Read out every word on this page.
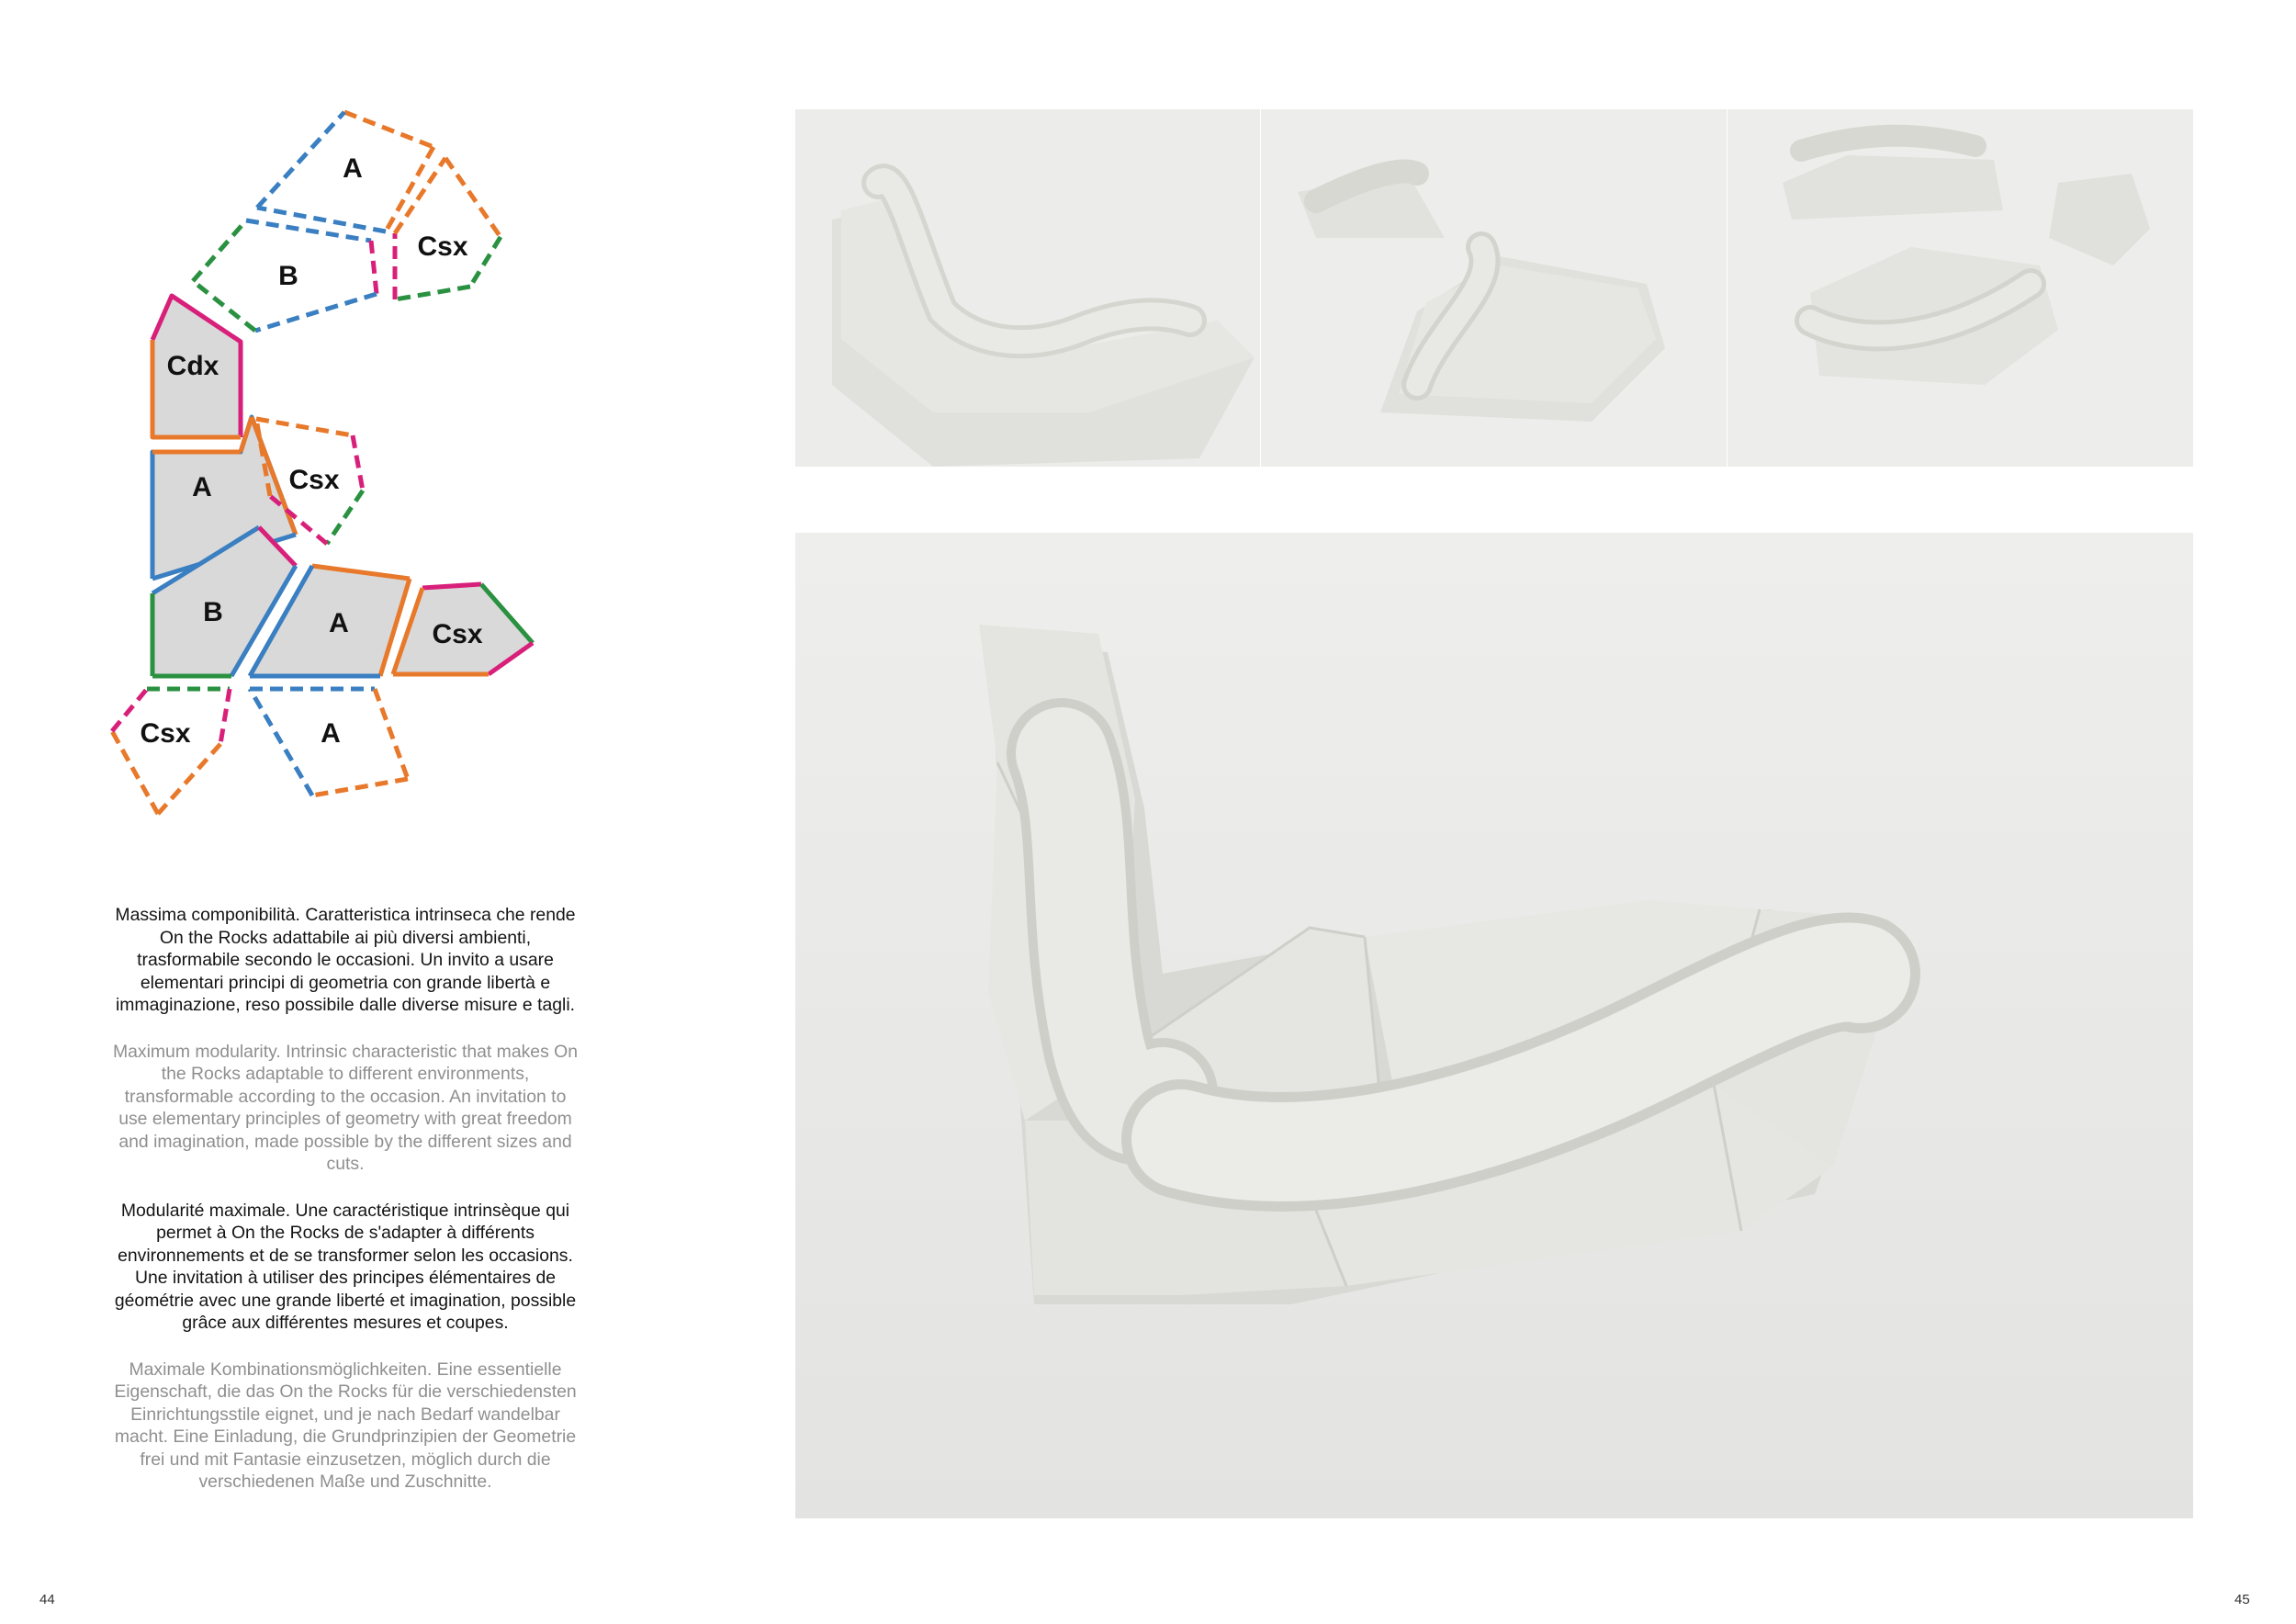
A
Csx
B
Cdx
A	Csx
B	A	Csx
Csx	A

Massima componibilità. Caratteristica intrinseca che rende On the Rocks adattabile ai più diversi ambienti, trasformabile secondo le occasioni. Un invito a usare elementari principi di geometria con grande libertà e immaginazione, reso possibile dalle diverse misure e tagli.

Maximum modularity. Intrinsic characteristic that makes On the Rocks adaptable to different environments, transformable according to the occasion. An invitation to use elementary principles of geometry with great freedom and imagination, made possible by the different sizes and cuts.

Modularité maximale. Une caractéristique intrinsèque qui permet à On the Rocks de s'adapter à différents environnements et de se transformer selon les occasions. Une invitation à utiliser des principes élémentaires de géométrie avec une grande liberté et imagination, possible grâce aux différentes mesures et coupes.

Maximale Kombinationsmöglichkeiten. Eine essentielle Eigenschaft, die das On the Rocks für die verschiedensten Einrichtungsstile eignet, und je nach Bedarf wandelbar macht. Eine Einladung, die Grundprinzipien der Geometrie frei und mit Fantasie einzusetzen, möglich durch die verschiedenen Maße und Zuschnitte.

44	45
